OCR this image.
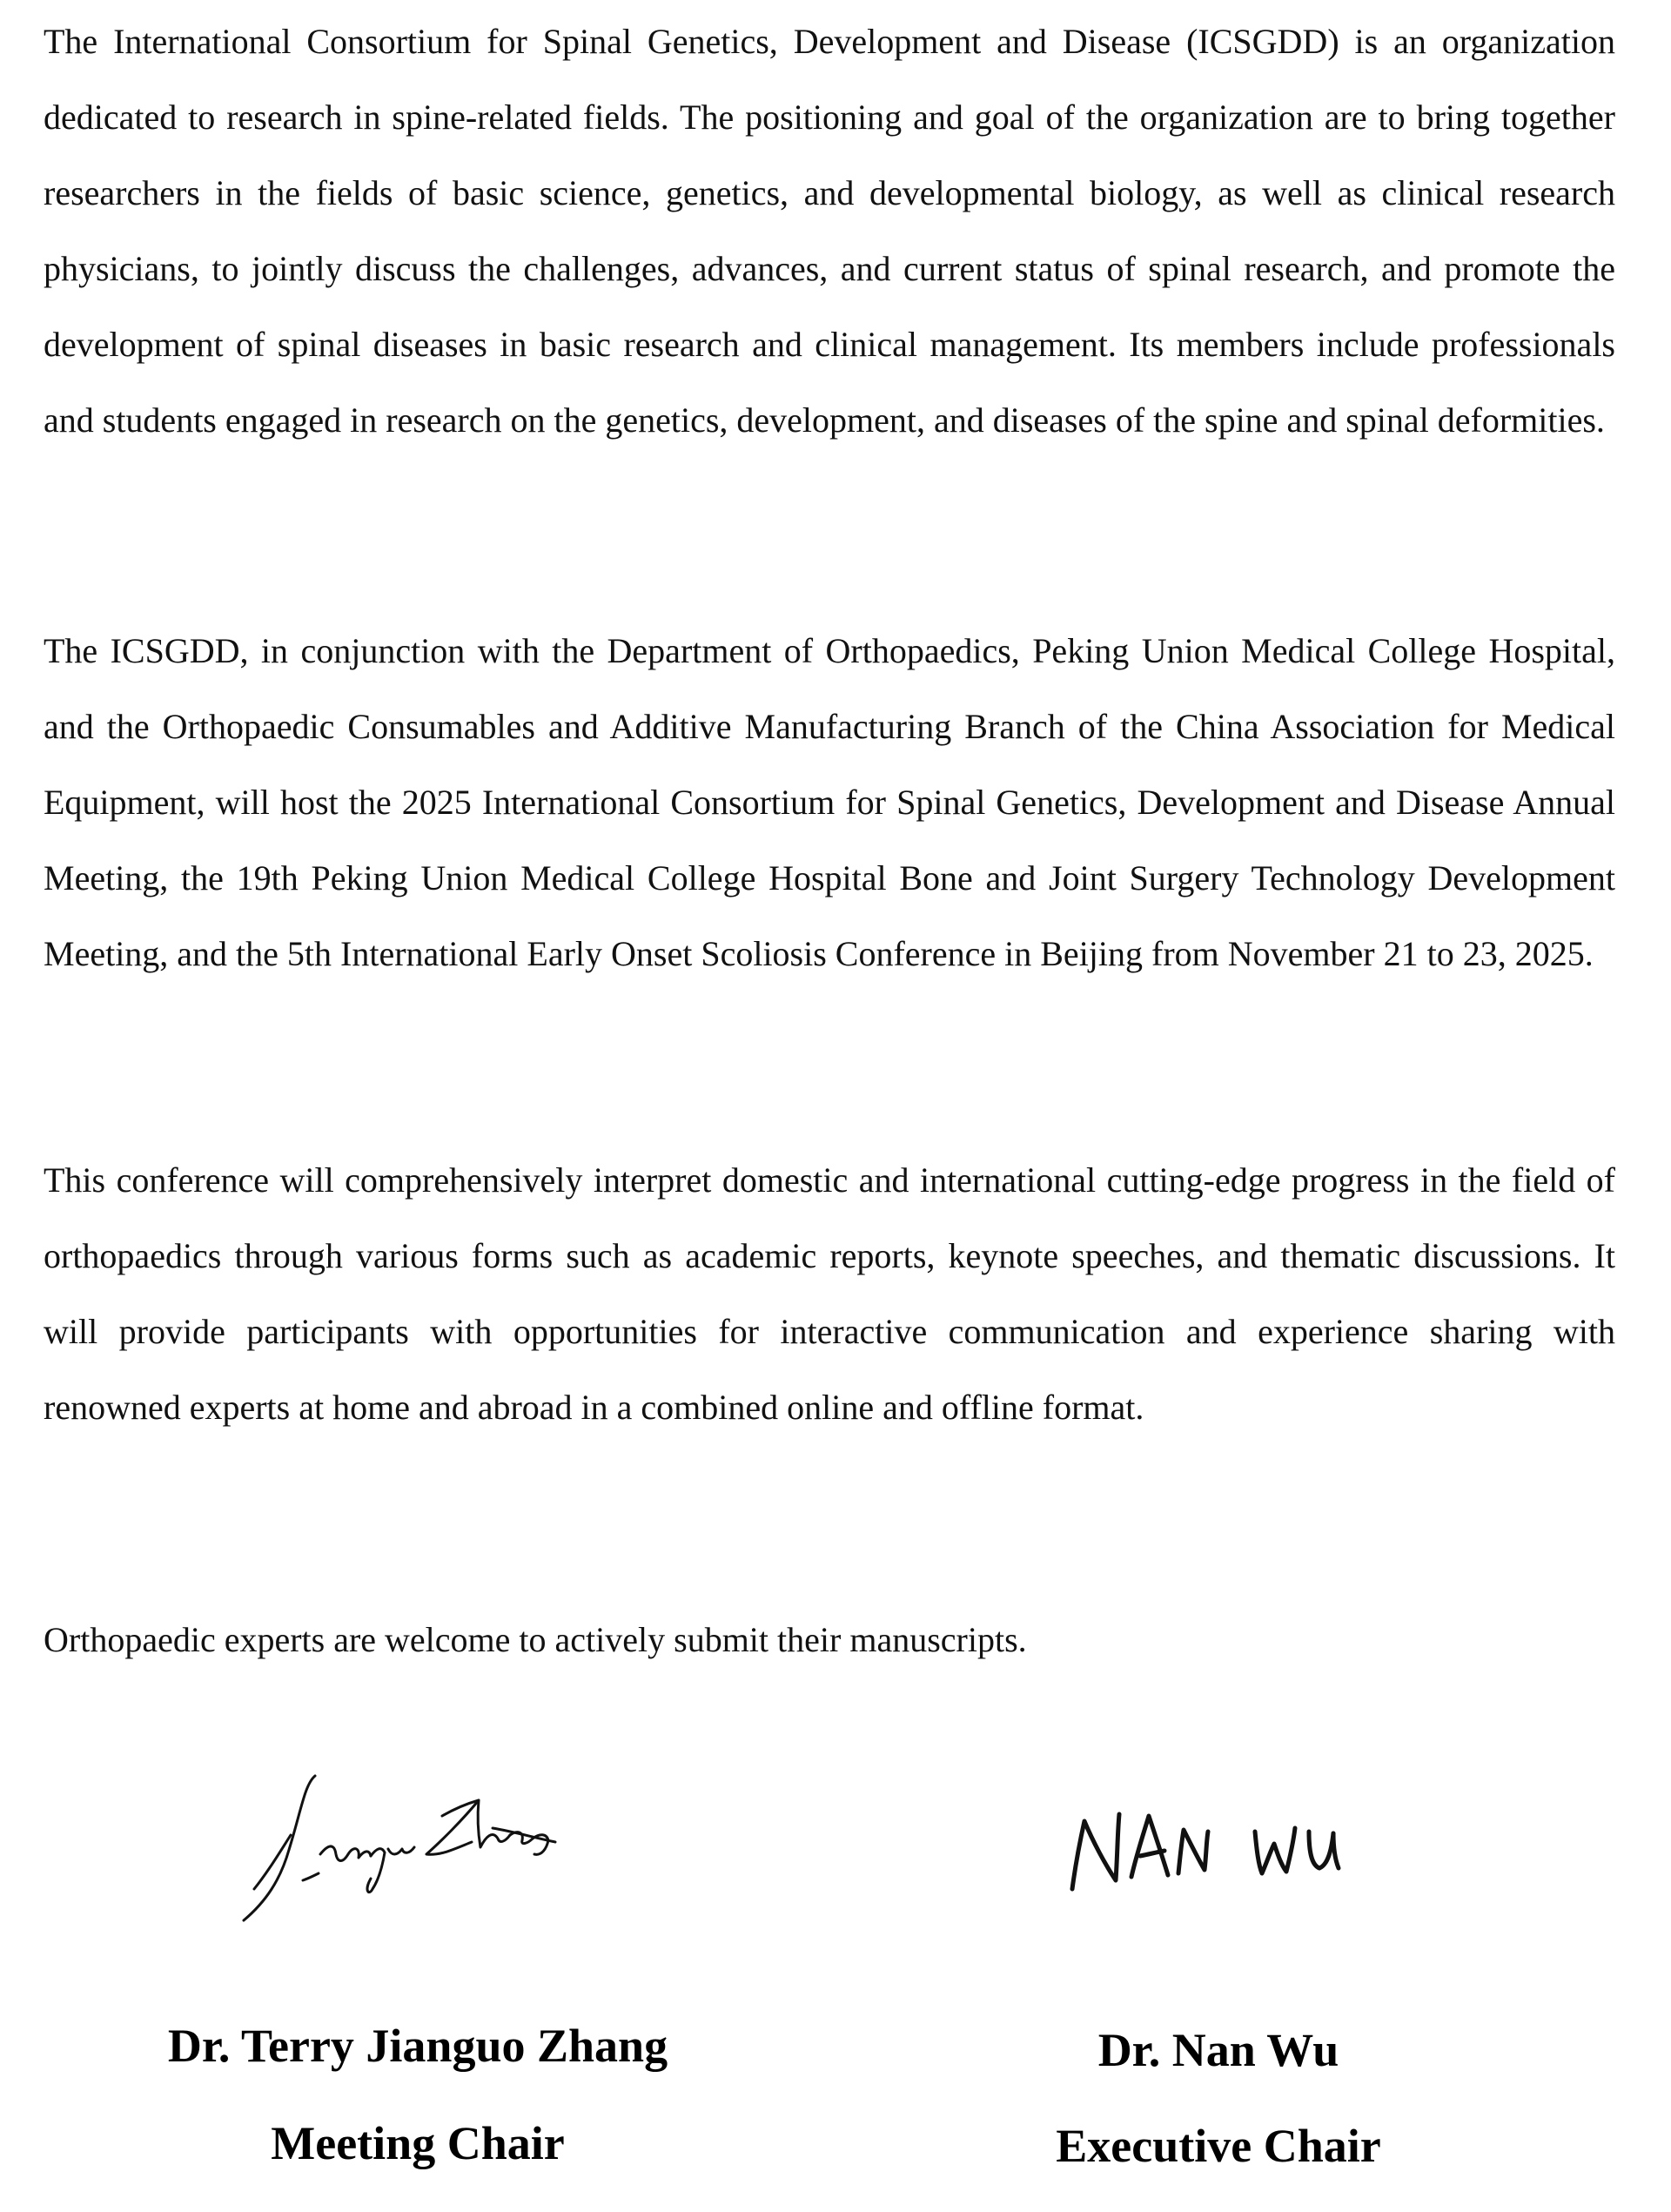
The International Consortium for Spinal Genetics, Development and Disease (ICSGDD) is an organization dedicated to research in spine-related fields. The positioning and goal of the organization are to bring together researchers in the fields of basic science, genetics, and developmental biology, as well as clinical research physicians, to jointly discuss the challenges, advances, and current status of spinal research, and promote the development of spinal diseases in basic research and clinical management. Its members include professionals and students engaged in research on the genetics, development, and diseases of the spine and spinal deformities.

The ICSGDD, in conjunction with the Department of Orthopaedics, Peking Union Medical College Hospital, and the Orthopaedic Consumables and Additive Manufacturing Branch of the China Association for Medical Equipment, will host the 2025 International Consortium for Spinal Genetics, Development and Disease Annual Meeting, the 19th Peking Union Medical College Hospital Bone and Joint Surgery Technology Development Meeting, and the 5th International Early Onset Scoliosis Conference in Beijing from November 21 to 23, 2025.

This conference will comprehensively interpret domestic and international cutting-edge progress in the field of orthopaedics through various forms such as academic reports, keynote speeches, and thematic discussions. It will provide participants with opportunities for interactive communication and experience sharing with renowned experts at home and abroad in a combined online and offline format.

Orthopaedic experts are welcome to actively submit their manuscripts.

Dr. Terry Jianguo Zhang
Meeting Chair
Dr. Nan Wu
Executive Chair
